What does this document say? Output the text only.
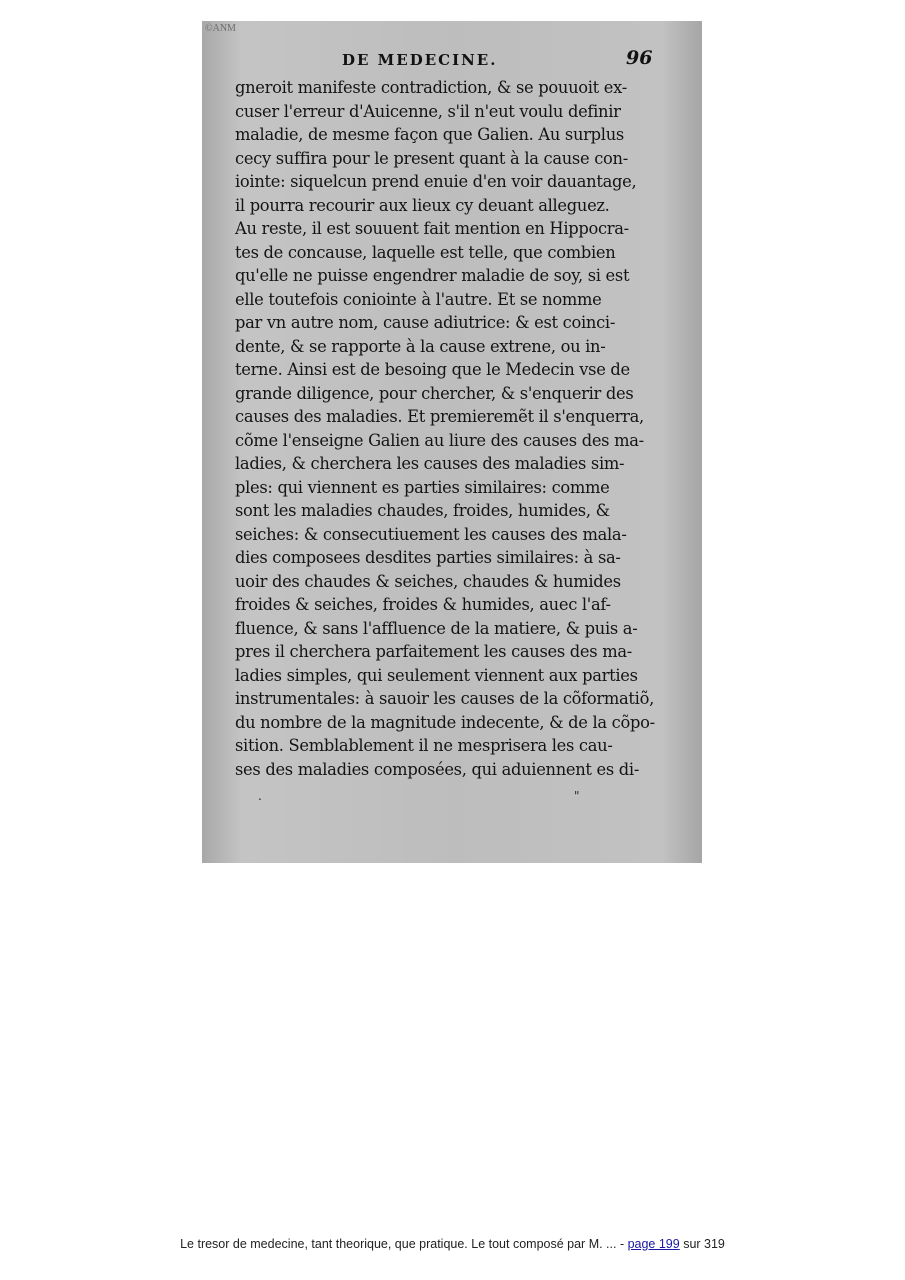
©ANM
DE MEDECINE.	96
gneroit manifeste contradiction, & se pouuoit ex-
cuser l'erreur d'Auicenne, s'il n'eut voulu definir
maladie, de mesme façon que Galien. Au surplus
cecy suffira pour le present quant à la cause con-
iointe: siquelcun prend enuie d'en voir dauantage,
il pourra recourir aux lieux cy deuant alleguez.
Au reste, il est souuent fait mention en Hippocra-
tes de concause, laquelle est telle, que combien
qu'elle ne puisse engendrer maladie de soy, si est
elle toutefois coniointe à l'autre. Et se nomme
par vn autre nom, cause adiutrice: & est coinci-
dente, & se rapporte à la cause extrene, ou in-
terne. Ainsi est de besoing que le Medecin vse de
grande diligence, pour chercher, & s'enquerir des
causes des maladies. Et premieremẽt il s'enquerra,
cõme l'enseigne Galien au liure des causes des ma-
ladies, & cherchera les causes des maladies sim-
ples: qui viennent es parties similaires: comme
sont les maladies chaudes, froides, humides, &
seiches: & consecutiuement les causes des mala-
dies composees desdites parties similaires: à sa-
uoir des chaudes & seiches, chaudes & humides
froides & seiches, froides & humides, auec l'af-
fluence, & sans l'affluence de la matiere, & puis a-
pres il cherchera parfaitement les causes des ma-
ladies simples, qui seulement viennent aux parties
instrumentales: à sauoir les causes de la cõformatiõ,
du nombre de la magnitude indecente, & de la cõpo-
sition. Semblablement il ne mesprisera les cau-
ses des maladies composées, qui aduiennent es di-
.	"
Le tresor de medecine, tant theorique, que pratique. Le tout composé par M. ... - page 199 sur 319
